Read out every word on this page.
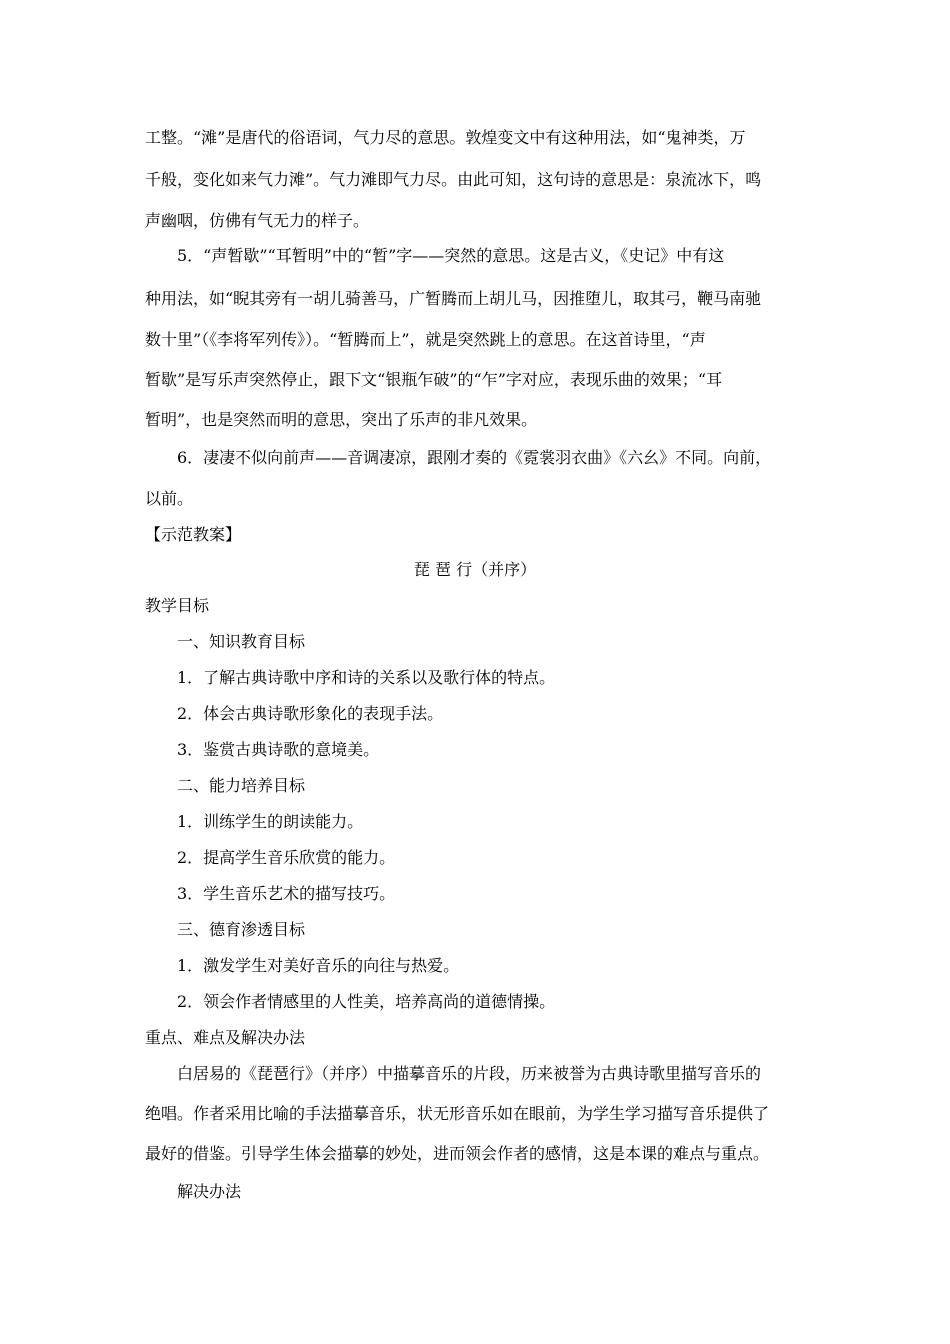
工整。“滩”是唐代的俗语词，气力尽的意思。敦煌变文中有这种用法，如“鬼神类，万
千般，变化如来气力滩”。气力滩即气力尽。由此可知，这句诗的意思是：泉流冰下，鸣
声幽咽，仿佛有气无力的样子。
5．“声暂歇”“耳暂明”中的“暂”字——突然的意思。这是古义，《史记》中有这
种用法，如“睨其旁有一胡儿骑善马，广暂腾而上胡儿马，因推堕儿，取其弓，鞭马南驰
数十里”（《李将军列传》）。“暂腾而上”，就是突然跳上的意思。在这首诗里，“声
暂歇”是写乐声突然停止，跟下文“银瓶乍破”的“乍”字对应，表现乐曲的效果；“耳
暂明”，也是突然而明的意思，突出了乐声的非凡效果。
6．凄凄不似向前声——音调凄凉，跟刚才奏的《霓裳羽衣曲》《六幺》不同。向前，
以前。
【示范教案】
琵 琶 行（并序）
教学目标
一、知识教育目标
1．了解古典诗歌中序和诗的关系以及歌行体的特点。
2．体会古典诗歌形象化的表现手法。
3．鉴赏古典诗歌的意境美。
二、能力培养目标
1．训练学生的朗读能力。
2．提高学生音乐欣赏的能力。
3．学生音乐艺术的描写技巧。
三、德育渗透目标
1．激发学生对美好音乐的向往与热爱。
2．领会作者情感里的人性美，培养高尚的道德情操。
重点、难点及解决办法
白居易的《琵琶行》（并序）中描摹音乐的片段，历来被誉为古典诗歌里描写音乐的
绝唱。作者采用比喻的手法描摹音乐，状无形音乐如在眼前，为学生学习描写音乐提供了
最好的借鉴。引导学生体会描摹的妙处，进而领会作者的感情，这是本课的难点与重点。
解决办法
